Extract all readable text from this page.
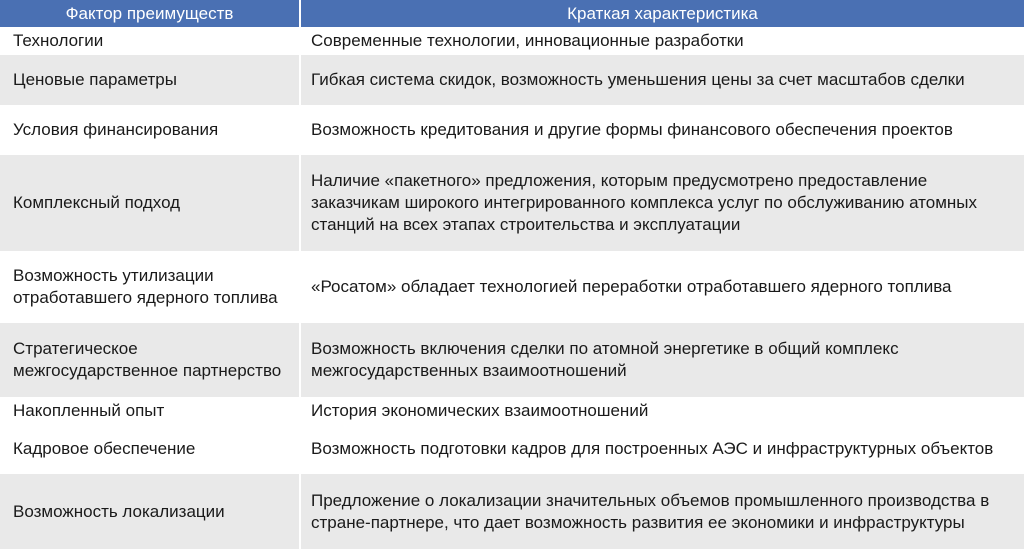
Фактор преимуществ	Краткая характеристика
Технологии	Современные технологии, инновационные разработки
Ценовые параметры	Гибкая система скидок, возможность уменьшения цены за счет масштабов сделки
Условия финансирования	Возможность кредитования и другие формы финансового обеспечения проектов
Комплексный подход	Наличие «пакетного» предложения, которым предусмотрено предоставление заказчикам широкого интегрированного комплекса услуг по обслуживанию атомных станций на всех этапах строительства и эксплуатации
Возможность утилизации отработавшего ядерного топлива	«Росатом» обладает технологией переработки отработавшего ядерного топлива
Стратегическое межгосударственное партнерство	Возможность включения сделки по атомной энергетике в общий комплекс межгосударственных взаимоотношений
Накопленный опыт	История экономических взаимоотношений
Кадровое обеспечение	Возможность подготовки кадров для построенных АЭС и инфраструктурных объектов
Возможность локализации	Предложение о локализации значительных объемов промышленного производства в стране-партнере, что дает возможность развития ее экономики и инфраструктуры
